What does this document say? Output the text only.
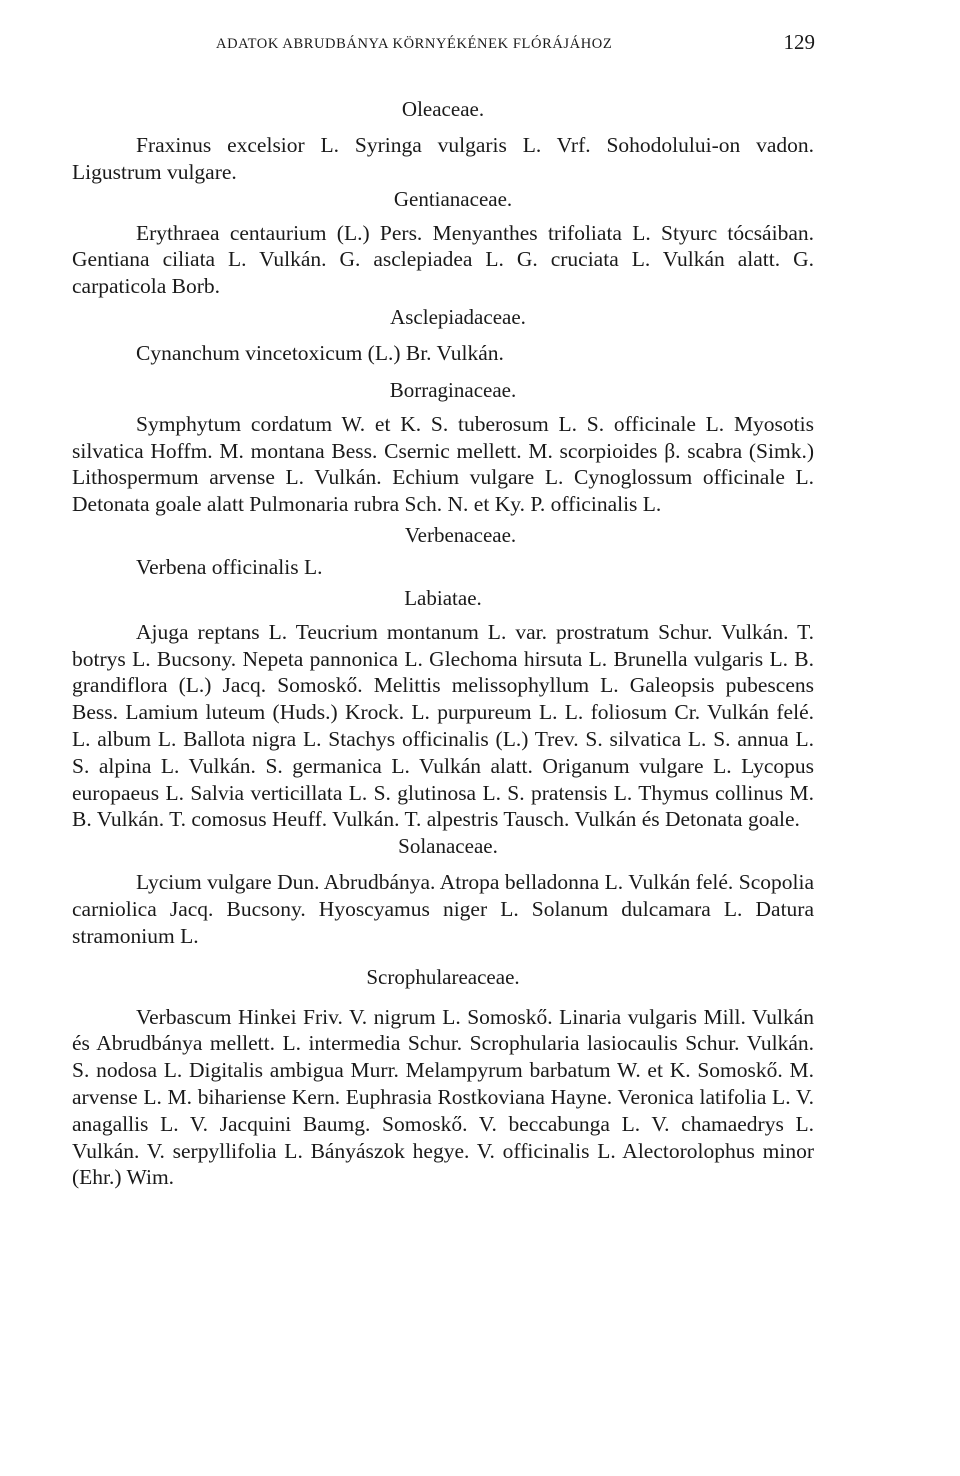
ADATOK ABRUDBÁNYA KÖRNYÉKÉNEK FLÓRÁJÁHOZ	129
Oleaceae.

Fraxinus excelsior L. Syringa vulgaris L. Vrf. Sohodolului-on vadon. Ligustrum vulgare.

Gentianaceae.

Erythraea centaurium (L.) Pers. Menyanthes trifoliata L. Styurc tócsáiban. Gentiana ciliata L. Vulkán. G. asclepiadea L. G. cruciata L. Vulkán alatt. G. carpaticola Borb.

Asclepiadaceae.

Cynanchum vincetoxicum (L.) Br. Vulkán.

Borraginaceae.

Symphytum cordatum W. et K. S. tuberosum L. S. officinale L. Myosotis silvatica Hoffm. M. montana Bess. Csernic mellett. M. scorpioides β. scabra (Simk.) Lithospermum arvense L. Vulkán. Echium vulgare L. Cynoglossum officinale L. Detonata goale alatt Pulmonaria rubra Sch. N. et Ky. P. officinalis L.

Verbenaceae.

Verbena officinalis L.

Labiatae.

Ajuga reptans L. Teucrium montanum L. var. prostratum Schur. Vulkán. T. botrys L. Bucsony. Nepeta pannonica L. Glechoma hirsuta L. Brunella vulgaris L. B. grandiflora (L.) Jacq. Somoskő. Melittis melissophyllum L. Galeopsis pubescens Bess. Lamium luteum (Huds.) Krock. L. purpureum L. L. foliosum Cr. Vulkán felé. L. album L. Ballota nigra L. Stachys officinalis (L.) Trev. S. silvatica L. S. annua L. S. alpina L. Vulkán. S. germanica L. Vulkán alatt. Origanum vulgare L. Lycopus europaeus L. Salvia verticillata L. S. glutinosa L. S. pratensis L. Thymus collinus M. B. Vulkán. T. comosus Heuff. Vulkán. T. alpestris Tausch. Vulkán és Detonata goale.

Solanaceae.

Lycium vulgare Dun. Abrudbánya. Atropa belladonna L. Vulkán felé. Scopolia carniolica Jacq. Bucsony. Hyoscyamus niger L. Solanum dulcamara L. Datura stramonium L.

Scrophulareaceae.

Verbascum Hinkei Friv. V. nigrum L. Somoskő. Linaria vulgaris Mill. Vulkán és Abrudbánya mellett. L. intermedia Schur. Scrophularia lasiocaulis Schur. Vulkán. S. nodosa L. Digitalis ambigua Murr. Melampyrum barbatum W. et K. Somoskő. M. arvense L. M. bihariense Kern. Euphrasia Rostkoviana Hayne. Veronica latifolia L. V. anagallis L. V. Jacquini Baumg. Somoskő. V. beccabunga L. V. chamaedrys L. Vulkán. V. serpyllifolia L. Bányászok hegye. V. officinalis L. Alectorolophus minor (Ehr.) Wim.
